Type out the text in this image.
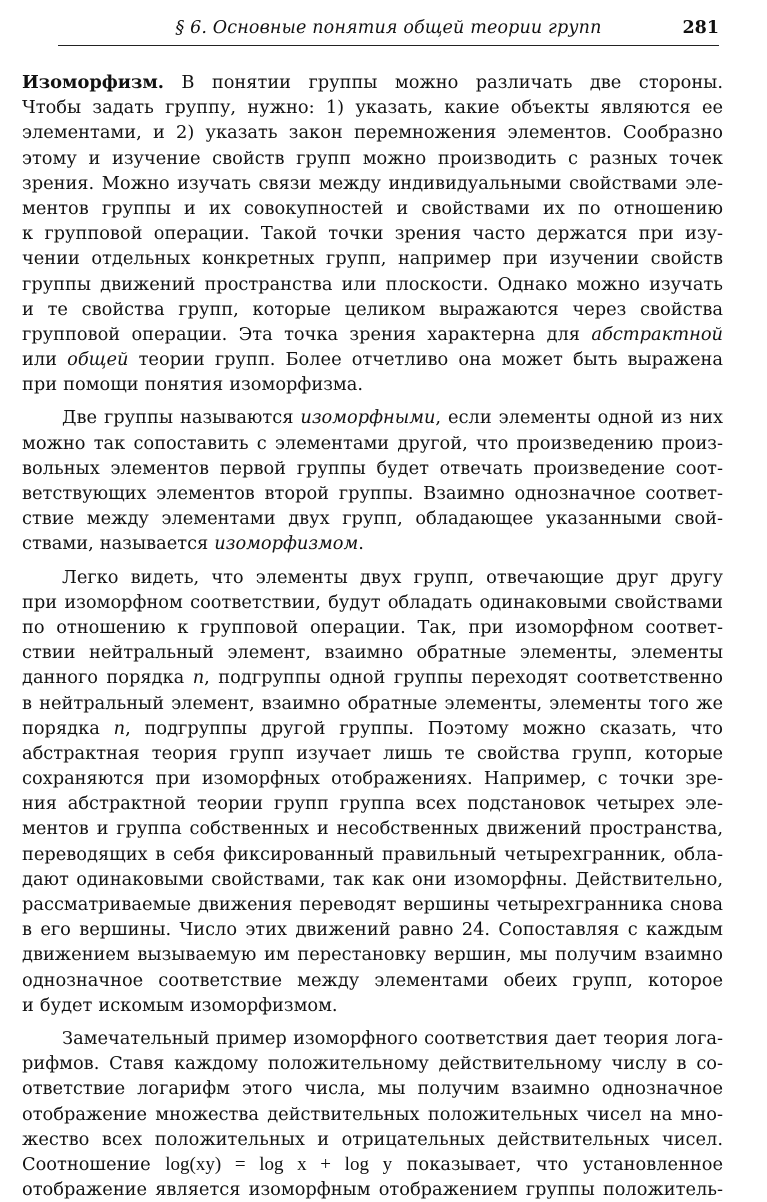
§ 6. Основные понятия общей теории групп	281
Изоморфизм. В понятии группы можно различать две стороны.
Чтобы задать группу, нужно: 1) указать, какие объекты являются ее
элементами, и 2) указать закон перемножения элементов. Сообразно
этому и изучение свойств групп можно производить с разных точек
зрения. Можно изучать связи между индивидуальными свойствами эле-
ментов группы и их совокупностей и свойствами их по отношению
к групповой операции. Такой точки зрения часто держатся при изу-
чении отдельных конкретных групп, например при изучении свойств
группы движений пространства или плоскости. Однако можно изучать
и те свойства групп, которые целиком выражаются через свойства
групповой операции. Эта точка зрения характерна для абстрактной
или общей теории групп. Более отчетливо она может быть выражена
при помощи понятия изоморфизма.
Две группы называются изоморфными, если элементы одной из них
можно так сопоставить с элементами другой, что произведению произ-
вольных элементов первой группы будет отвечать произведение соот-
ветствующих элементов второй группы. Взаимно однозначное соответ-
ствие между элементами двух групп, обладающее указанными свой-
ствами, называется изоморфизмом.
Легко видеть, что элементы двух групп, отвечающие друг другу
при изоморфном соответствии, будут обладать одинаковыми свойствами
по отношению к групповой операции. Так, при изоморфном соответ-
ствии нейтральный элемент, взаимно обратные элементы, элементы
данного порядка n, подгруппы одной группы переходят соответственно
в нейтральный элемент, взаимно обратные элементы, элементы того же
порядка n, подгруппы другой группы. Поэтому можно сказать, что
абстрактная теория групп изучает лишь те свойства групп, которые
сохраняются при изоморфных отображениях. Например, с точки зре-
ния абстрактной теории групп группа всех подстановок четырех эле-
ментов и группа собственных и несобственных движений пространства,
переводящих в себя фиксированный правильный четырехгранник, обла-
дают одинаковыми свойствами, так как они изоморфны. Действительно,
рассматриваемые движения переводят вершины четырехгранника снова
в его вершины. Число этих движений равно 24. Сопоставляя с каждым
движением вызываемую им перестановку вершин, мы получим взаимно
однозначное соответствие между элементами обеих групп, которое
и будет искомым изоморфизмом.
Замечательный пример изоморфного соответствия дает теория лога-
рифмов. Ставя каждому положительному действительному числу в со-
ответствие логарифм этого числа, мы получим взаимно однозначное
отображение множества действительных положительных чисел на мно-
жество всех положительных и отрицательных действительных чисел.
Соотношение log(xy) = log x + log y показывает, что установленное
отображение является изоморфным отображением группы положитель-
